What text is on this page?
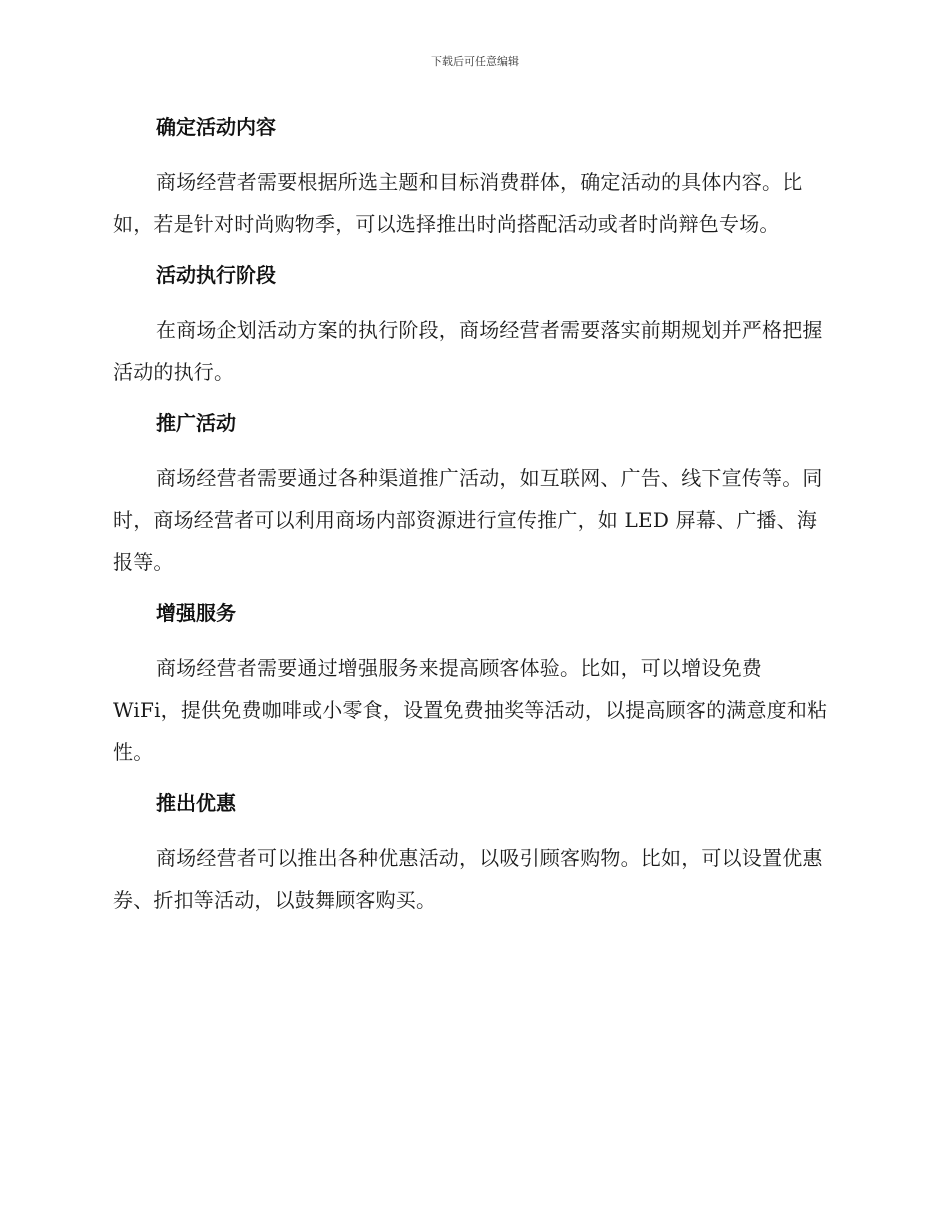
下载后可任意编辑
确定活动内容

商场经营者需要根据所选主题和目标消费群体，确定活动的具体内容。比如，若是针对时尚购物季，可以选择推出时尚搭配活动或者时尚辩色专场。

活动执行阶段

在商场企划活动方案的执行阶段，商场经营者需要落实前期规划并严格把握活动的执行。

推广活动

商场经营者需要通过各种渠道推广活动，如互联网、广告、线下宣传等。同时，商场经营者可以利用商场内部资源进行宣传推广，如 LED 屏幕、广播、海报等。

增强服务

商场经营者需要通过增强服务来提高顾客体验。比如，可以增设免费 WiFi，提供免费咖啡或小零食，设置免费抽奖等活动，以提高顾客的满意度和粘性。

推出优惠

商场经营者可以推出各种优惠活动，以吸引顾客购物。比如，可以设置优惠券、折扣等活动，以鼓舞顾客购买。
